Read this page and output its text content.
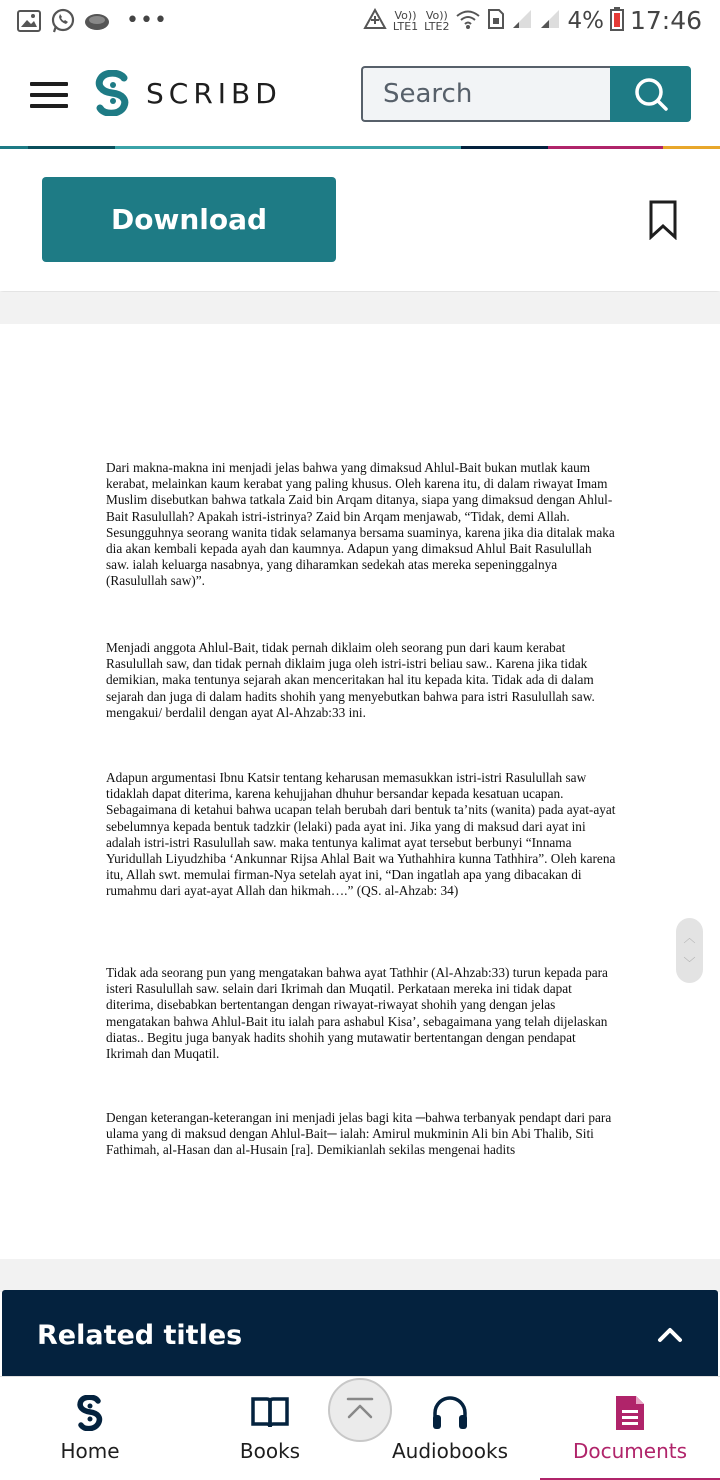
•••	Vo))
LTE1
Vo))
LTE2	4% 17:46
SCRIBD
Search
Download

Dari makna-makna ini menjadi jelas bahwa yang dimaksud Ahlul-Bait bukan mutlak kaum kerabat, melainkan kaum kerabat yang paling khusus. Oleh karena itu, di dalam riwayat Imam Muslim disebutkan bahwa tatkala Zaid bin Arqam ditanya, siapa yang dimaksud dengan Ahlul-Bait Rasulullah? Apakah istri-istrinya? Zaid bin Arqam menjawab, “Tidak, demi Allah. Sesungguhnya seorang wanita tidak selamanya bersama suaminya, karena jika dia ditalak maka dia akan kembali kepada ayah dan kaumnya. Adapun yang dimaksud Ahlul Bait Rasulullah saw. ialah keluarga nasabnya, yang diharamkan sedekah atas mereka sepeninggalnya (Rasulullah saw)”.

Menjadi anggota Ahlul-Bait, tidak pernah diklaim oleh seorang pun dari kaum kerabat Rasulullah saw, dan tidak pernah diklaim juga oleh istri-istri beliau saw.. Karena jika tidak demikian, maka tentunya sejarah akan menceritakan hal itu kepada kita. Tidak ada di dalam sejarah dan juga di dalam hadits shohih yang menyebutkan bahwa para istri Rasulullah saw. mengakui/ berdalil dengan ayat Al-Ahzab:33 ini.

Adapun argumentasi Ibnu Katsir tentang keharusan memasukkan istri-istri Rasulullah saw tidaklah dapat diterima, karena kehujjahan dhuhur bersandar kepada kesatuan ucapan. Sebagaimana di ketahui bahwa ucapan telah berubah dari bentuk ta’nits (wanita) pada ayat-ayat sebelumnya kepada bentuk tadzkir (lelaki) pada ayat ini. Jika yang di maksud dari ayat ini adalah istri-istri Rasulullah saw. maka tentunya kalimat ayat tersebut berbunyi “Innama Yuridullah Liyudzhiba ‘Ankunnar Rijsa Ahlal Bait wa Yuthahhira kunna Tathhira”. Oleh karena itu, Allah swt. memulai firman-Nya setelah ayat ini, “Dan ingatlah apa yang dibacakan di rumahmu dari ayat-ayat Allah dan hikmah….” (QS. al-Ahzab: 34)

Tidak ada seorang pun yang mengatakan bahwa ayat Tathhir (Al-Ahzab:33) turun kepada para isteri Rasulullah saw. selain dari Ikrimah dan Muqatil. Perkataan mereka ini tidak dapat diterima, disebabkan bertentangan dengan riwayat-riwayat shohih yang dengan jelas mengatakan bahwa Ahlul-Bait itu ialah para ashabul Kisa’, sebagaimana yang telah dijelaskan diatas.. Begitu juga banyak hadits shohih yang mutawatir bertentangan dengan pendapat Ikrimah dan Muqatil.

Dengan keterangan-keterangan ini menjadi jelas bagi kita ─bahwa terbanyak pendapt dari para ulama yang di maksud dengan Ahlul-Bait─ ialah: Amirul mukminin Ali bin Abi Thalib, Siti Fathimah, al-Hasan dan al-Husain [ra]. Demikianlah sekilas mengenai hadits

︿
﹀
Related titles
Home	Books	Audiobooks	Documents
